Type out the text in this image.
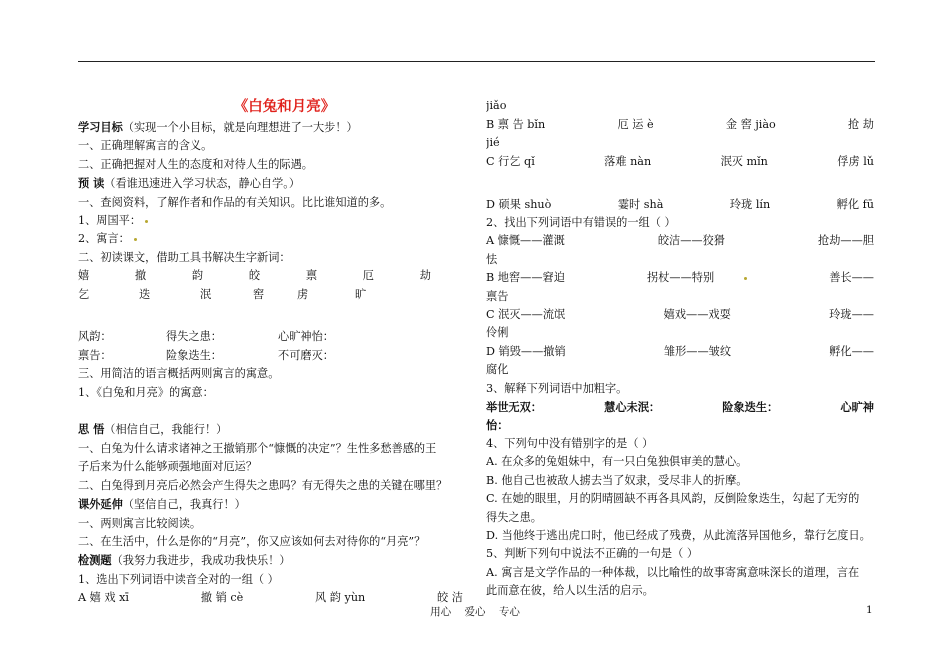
《白兔和月亮》
学习目标（实现一个小目标，就是向理想进了一大步！）
一、正确理解寓言的含义。
二、正确把握对人生的态度和对待人生的际遇。
预 读（看谁迅速进入学习状态，静心自学。）
一、查阅资料，了解作者和作品的有关知识。比比谁知道的多。
1、周国平：
2、寓言：
二、初读课文，借助工具书解决生字新词：
嬉	撤	韵	皎	禀	厄	劫
乞	迭	泯	窖	虏	旷
风韵：	得失之患：	心旷神怡：
禀告：	险象迭生：	不可磨灭：
三、用简洁的语言概括两则寓言的寓意。
1、《白兔和月亮》的寓意：
思 悟（相信自己，我能行！）
一、白兔为什么请求诸神之王撤销那个“慷慨的决定”？生性多愁善感的王
子后来为什么能够顽强地面对厄运？
二、白兔得到月亮后必然会产生得失之患吗？有无得失之患的关键在哪里？
课外延伸（坚信自己，我真行！）
一、两则寓言比较阅读。
二、在生活中，什么是你的“月亮”，你又应该如何去对待你的“月亮”？
检测题（我努力我进步，我成功我快乐！）
1、选出下列词语中读音全对的一组（ ）
A 嬉 戏 xī	撤 销 cè	风 韵 yùn	皎 洁
jiǎo
B 禀 告 bǐn	厄 运 è	金 窖 jiào	抢 劫
jié
C 行乞 qǐ	落难 nàn	泯灭 mǐn	俘虏 lǔ
D 硕果 shuò	霎时 shà	玲珑 lín	孵化 fū
2、找出下列词语中有错误的一组（ ）
A 慷慨——灌溉	皎洁——狡猾	抢劫——胆
怯
B 地窖——窘迫	拐杖——特别	善长——
禀告
C 泯灭——流氓	嬉戏——戏耍	玲珑——
伶俐
D 销毁——撤销	雏形——皱纹	孵化——
腐化
3、解释下列词语中加粗字。
举世无双：	慧心未泯：	险象迭生：	心旷神
怡：
4、下列句中没有错别字的是（ ）
A. 在众多的兔姐妹中，有一只白兔独俱审美的慧心。
B. 他自己也被敌人掳去当了奴隶，受尽非人的折摩。
C. 在她的眼里，月的阴晴圆缺不再各具风韵，反倒险象迭生，勾起了无穷的
得失之患。
D. 当他终于逃出虎口时，他已经成了残费，从此流落异国他乡，靠行乞度日。
5、判断下列句中说法不正确的一句是（ ）
A. 寓言是文学作品的一种体裁，以比喻性的故事寄寓意味深长的道理，言在
此而意在彼，给人以生活的启示。
用心 爱心 专心	1
